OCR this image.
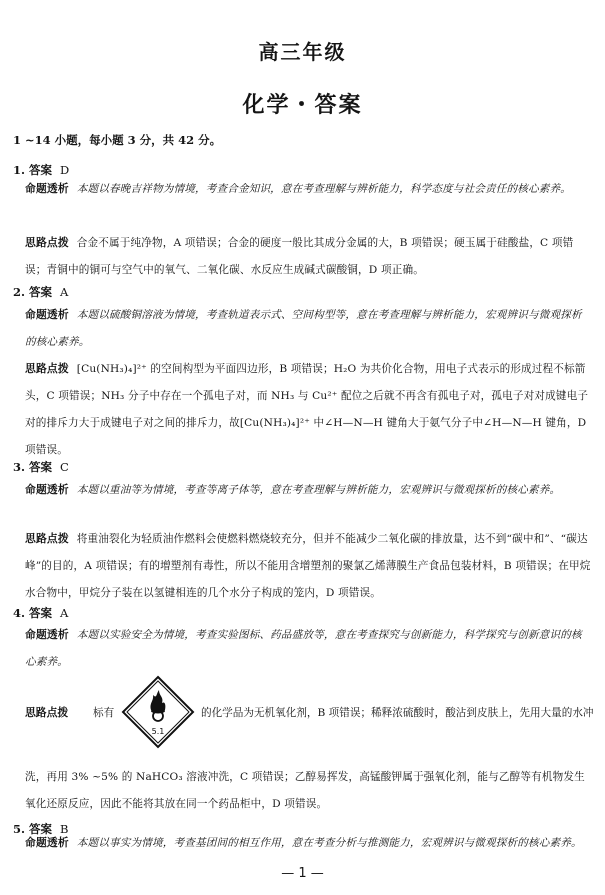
高三年级
化学・答案
1 ~14 小题，每小题 3 分，共 42 分。
1. 答案 D
命题透析 本题以春晚吉祥物为情境，考查合金知识，意在考查理解与辨析能力，科学态度与社会责任的核心素养。
思路点拨 合金不属于纯净物，A 项错误；合金的硬度一般比其成分金属的大，B 项错误；硬玉属于硅酸盐，C 项错误；青铜中的铜可与空气中的氧气、二氧化碳、水反应生成碱式碳酸铜，D 项正确。
2. 答案 A
命题透析 本题以硫酸铜溶液为情境，考查轨道表示式、空间构型等，意在考查理解与辨析能力，宏观辨识与微观探析的核心素养。
思路点拨 [Cu(NH₃)₄]²⁺ 的空间构型为平面四边形，B 项错误；H₂O 为共价化合物，用电子式表示的形成过程不标箭头，C 项错误；NH₃ 分子中存在一个孤电子对，而 NH₃ 与 Cu²⁺ 配位之后就不再含有孤电子对，孤电子对对成键电子对的排斥力大于成键电子对之间的排斥力，故[Cu(NH₃)₄]²⁺ 中∠H—N—H 键角大于氨气分子中∠H—N—H 键角，D 项错误。
3. 答案 C
命题透析 本题以重油等为情境，考查等离子体等，意在考查理解与辨析能力，宏观辨识与微观探析的核心素养。
思路点拨 将重油裂化为轻质油作燃料会使燃料燃烧较充分，但并不能减少二氧化碳的排放量，达不到“碳中和”、“碳达峰”的目的，A 项错误；有的增塑剂有毒性，所以不能用含增塑剂的聚氯乙烯薄膜生产食品包装材料，B 项错误；在甲烷水合物中，甲烷分子装在以氢键相连的几个水分子构成的笼内，D 项错误。
4. 答案 A
命题透析 本题以实验安全为情境，考查实验图标、药品盛放等，意在考查探究与创新能力，科学探究与创新意识的核心素养。
思路点拨 标有
5.1
的化学品为无机氧化剂，B 项错误；稀释浓硫酸时，酸沾到皮肤上，先用大量的水冲
洗，再用 3% ~5% 的 NaHCO₃ 溶液冲洗，C 项错误；乙醇易挥发，高锰酸钾属于强氧化剂，能与乙醇等有机物发生氧化还原反应，因此不能将其放在同一个药品柜中，D 项错误。
5. 答案 B
命题透析 本题以事实为情境，考查基团间的相互作用，意在考查分析与推测能力，宏观辨识与微观探析的核心素养。
— 1 —
